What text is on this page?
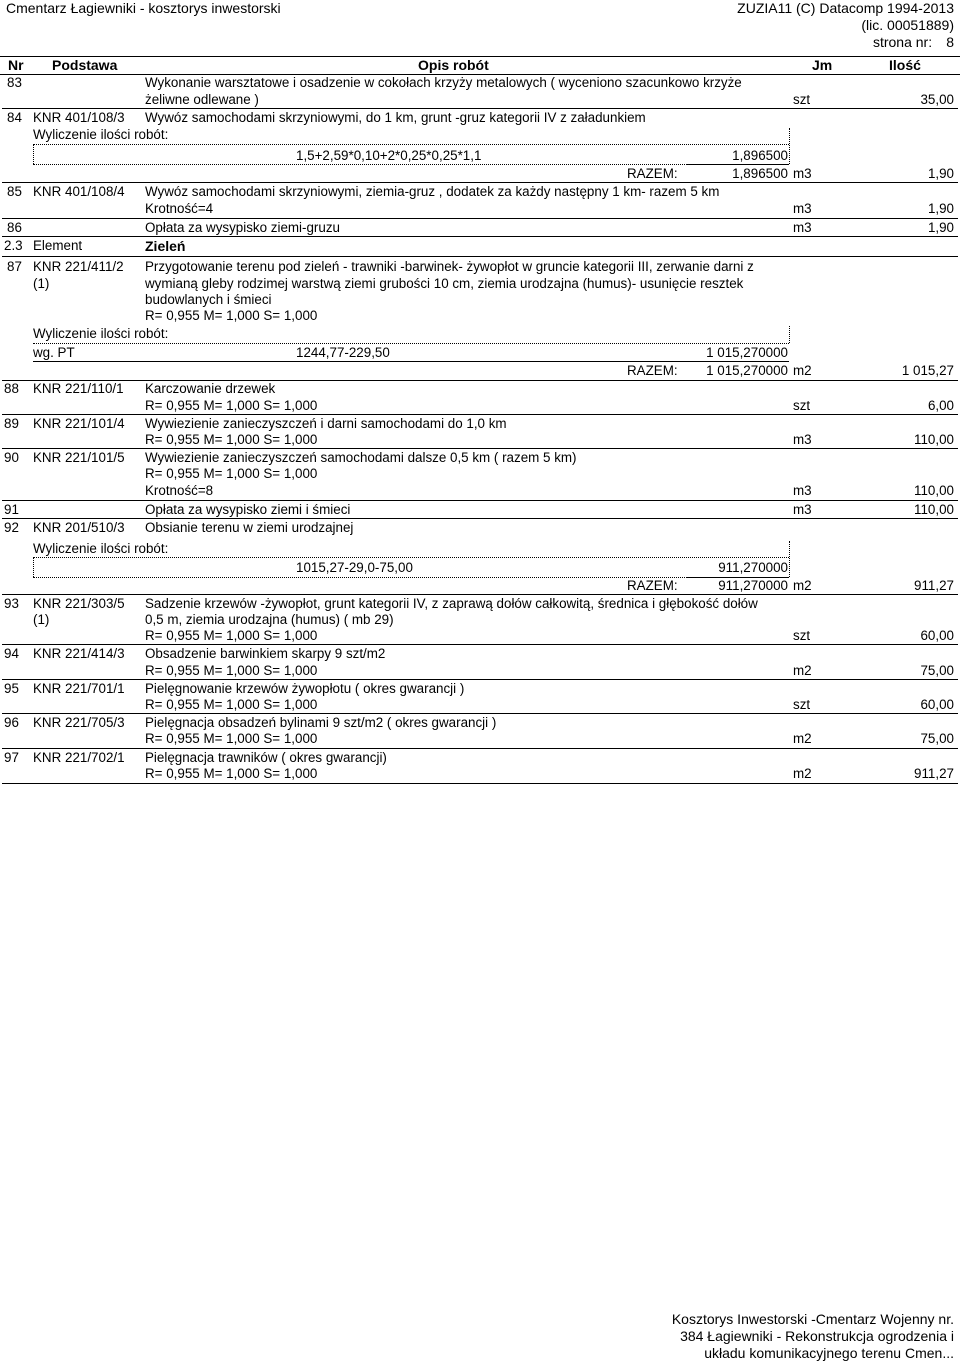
Cmentarz Łagiewniki - kosztorys inwestorski	ZUZIA11 (C) Datacomp 1994-2013
(lic. 00051889)
strona nr: 8
Nr Podstawa	Opis robót	Jm	Ilość
83	Wykonanie warsztatowe i osadzenie w cokołach krzyży metalowych ( wyceniono szacunkowo krzyże
żeliwne odlewane )	szt	35,00
84 KNR 401/108/3 Wywóz samochodami skrzyniowymi, do 1 km, grunt -gruz kategorii IV z załadunkiem
Wyliczenie ilości robót:
1,5+2,59*0,10+2*0,25*0,25*1,1	1,896500
RAZEM:	1,896500 m3	1,90
85 KNR 401/108/4 Wywóz samochodami skrzyniowymi, ziemia-gruz , dodatek za każdy następny 1 km- razem 5 km
Krotność=4	m3	1,90
86	Opłata za wysypisko ziemi-gruzu	m3	1,90
2.3 Element	Zieleń
87 KNR 221/411/2
(1)
Przygotowanie terenu pod zieleń - trawniki -barwinek- żywopłot w gruncie kategorii III, zerwanie darni z
wymianą gleby rodzimej warstwą ziemi grubości 10 cm, ziemia urodzajna (humus)- usunięcie resztek
budowlanych i śmieci
R= 0,955 M= 1,000 S= 1,000
Wyliczenie ilości robót:
wg. PT	1244,77-229,50	1 015,270000
RAZEM:	1 015,270000 m2	1 015,27
88 KNR 221/110/1 Karczowanie drzewek
R= 0,955 M= 1,000 S= 1,000	szt	6,00
89 KNR 221/101/4 Wywiezienie zanieczyszczeń i darni samochodami do 1,0 km
R= 0,955 M= 1,000 S= 1,000	m3	110,00
90 KNR 221/101/5 Wywiezienie zanieczyszczeń samochodami dalsze 0,5 km ( razem 5 km)
R= 0,955 M= 1,000 S= 1,000
Krotność=8	m3	110,00
91	Opłata za wysypisko ziemi i śmieci	m3	110,00
92 KNR 201/510/3 Obsianie terenu w ziemi urodzajnej
Wyliczenie ilości robót:
1015,27-29,0-75,00	911,270000
RAZEM:	911,270000 m2	911,27
93 KNR 221/303/5
(1)
Sadzenie krzewów -żywopłot, grunt kategorii IV, z zaprawą dołów całkowitą, średnica i głębokość dołów
0,5 m, ziemia urodzajna (humus) ( mb 29)
R= 0,955 M= 1,000 S= 1,000	szt	60,00
94 KNR 221/414/3 Obsadzenie barwinkiem skarpy 9 szt/m2
R= 0,955 M= 1,000 S= 1,000	m2	75,00
95 KNR 221/701/1 Pielęgnowanie krzewów żywopłotu ( okres gwarancji )
R= 0,955 M= 1,000 S= 1,000	szt	60,00
96 KNR 221/705/3 Pielęgnacja obsadzeń bylinami 9 szt/m2 ( okres gwarancji )
R= 0,955 M= 1,000 S= 1,000	m2	75,00
97 KNR 221/702/1 Pielęgnacja trawników ( okres gwarancji)
R= 0,955 M= 1,000 S= 1,000	m2	911,27
Kosztorys Inwestorski -Cmentarz Wojenny nr.
384 Łagiewniki - Rekonstrukcja ogrodzenia i
układu komunikacyjnego terenu Cmen...
